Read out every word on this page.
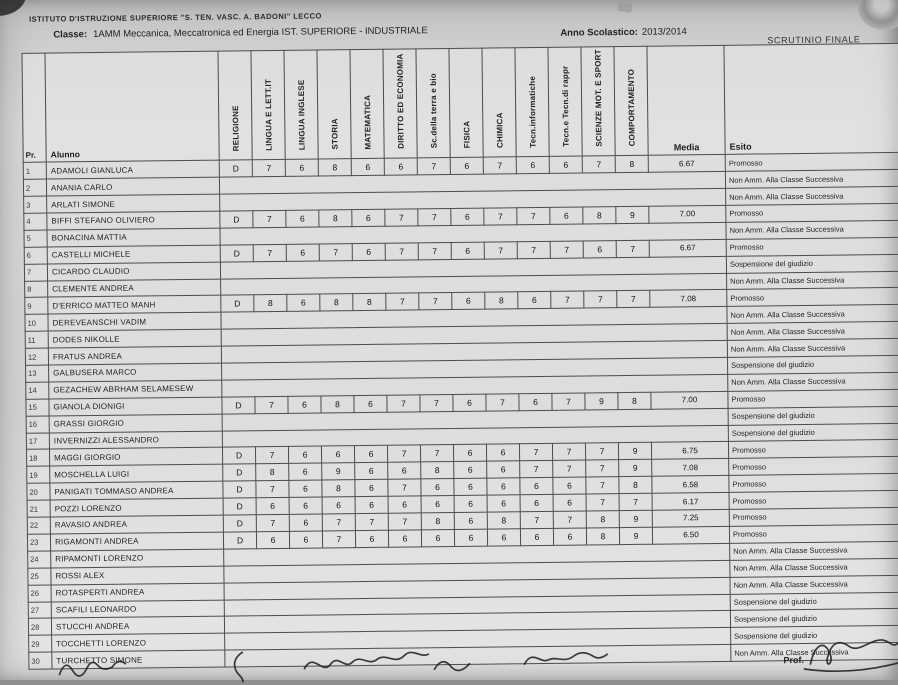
ISTITUTO D'ISTRUZIONE SUPERIORE "S. TEN. VASC. A. BADONI" LECCO
Classe: 1AMM Meccanica, Meccatronica ed Energia IST. SUPERIORE - INDUSTRIALE	Anno Scolastico: 2013/2014
SCRUTINIO FINALE
Pr.	Alunno	RELIGIONE	LINGUA E LETT.IT	LINGUA INGLESE	STORIA	MATEMATICA	DIRITTO ED ECONOMIA	Sc.della terra e bio	FISICA	CHIMICA	Tecn.informatiche	Tecn.e Tecn.di rappr	SCIENZE MOT. E SPORT	COMPORTAMENTO	Media	Esito
1	ADAMOLI GIANLUCA	D	7	6	8	6	6	7	6	7	6	6	7	8	6.67	Promosso
2	ANANIA CARLO															Non Amm. Alla Classe Successiva
3	ARLATI SIMONE															Non Amm. Alla Classe Successiva
4	BIFFI STEFANO OLIVIERO	D	7	6	8	6	7	7	6	7	7	6	8	9	7.00	Promosso
5	BONACINA MATTIA															Non Amm. Alla Classe Successiva
6	CASTELLI MICHELE	D	7	6	7	6	7	7	6	7	7	7	6	7	6.67	Promosso
7	CICARDO CLAUDIO															Sospensione del giudizio
8	CLEMENTE ANDREA															Non Amm. Alla Classe Successiva
9	D'ERRICO MATTEO MANH	D	8	6	8	8	7	7	6	8	6	7	7	7	7.08	Promosso
10	DEREVEANSCHI VADIM															Non Amm. Alla Classe Successiva
11	DODES NIKOLLE															Non Amm. Alla Classe Successiva
12	FRATUS ANDREA															Non Amm. Alla Classe Successiva
13	GALBUSERA MARCO															Sospensione del giudizio
14	GEZACHEW ABRHAM SELAMESEW															Non Amm. Alla Classe Successiva
15	GIANOLA DIONIGI	D	7	6	8	6	7	7	6	7	6	7	9	8	7.00	Promosso
16	GRASSI GIORGIO															Sospensione del giudizio
17	INVERNIZZI ALESSANDRO															Sospensione del giudizio
18	MAGGI GIORGIO	D	7	6	6	6	7	7	6	6	7	7	7	9	6.75	Promosso
19	MOSCHELLA LUIGI	D	8	6	9	6	6	8	6	6	7	7	7	9	7.08	Promosso
20	PANIGATI TOMMASO ANDREA	D	7	6	8	6	7	6	6	6	6	6	7	8	6.58	Promosso
21	POZZI LORENZO	D	6	6	6	6	6	6	6	6	6	6	7	7	6.17	Promosso
22	RAVASIO ANDREA	D	7	6	7	7	7	8	6	8	7	7	8	9	7.25	Promosso
23	RIGAMONTI ANDREA	D	6	6	7	6	6	6	6	6	6	6	8	9	6.50	Promosso
24	RIPAMONTI LORENZO															Non Amm. Alla Classe Successiva
25	ROSSI ALEX															Non Amm. Alla Classe Successiva
26	ROTASPERTI ANDREA															Non Amm. Alla Classe Successiva
27	SCAFILI LEONARDO															Sospensione del giudizio
28	STUCCHI ANDREA															Sospensione del giudizio
29	TOCCHETTI LORENZO															Sospensione del giudizio
30	TURCHETTO SIMONE															Non Amm. Alla Classe Successiva
Prof.
